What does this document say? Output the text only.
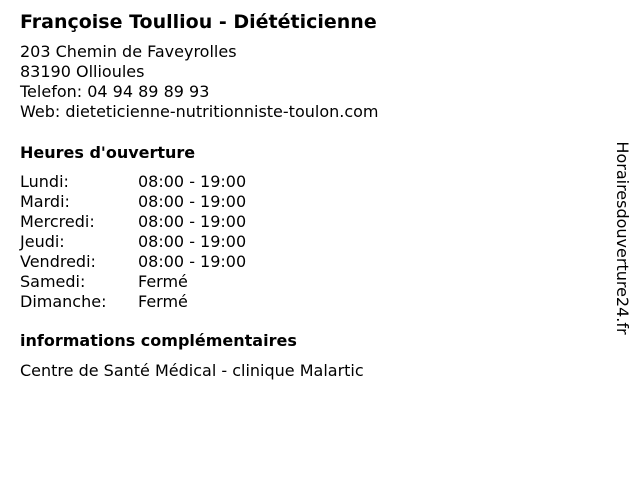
Françoise Toulliou - Diététicienne
203 Chemin de Faveyrolles
83190 Ollioules
Telefon: 04 94 89 89 93
Web: dieteticienne-nutritionniste-toulon.com
Heures d'ouverture
Lundi:	08:00 - 19:00
Mardi:	08:00 - 19:00
Mercredi:	08:00 - 19:00
Jeudi:	08:00 - 19:00
Vendredi:	08:00 - 19:00
Samedi:	Fermé
Dimanche:	Fermé
informations complémentaires
Centre de Santé Médical - clinique Malartic
Horairesdouverture24.fr
